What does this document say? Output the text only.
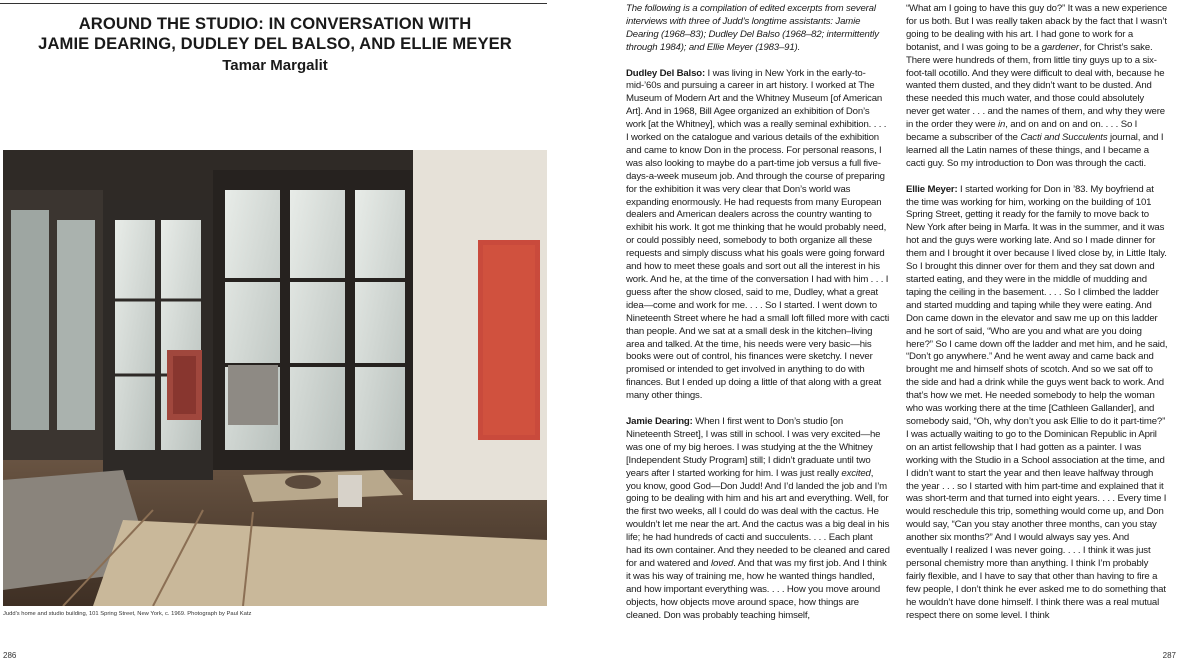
AROUND THE STUDIO: IN CONVERSATION WITH
JAMIE DEARING, DUDLEY DEL BALSO, AND ELLIE MEYER
Tamar Margalit
Judd’s home and studio building, 101 Spring Street, New York, c. 1969. Photograph by Paul Katz
286

The following is a compilation of edited excerpts from several interviews with three of Judd’s longtime assistants: Jamie Dearing (1968–83); Dudley Del Balso (1968–82; intermittently through 1984); and Ellie Meyer (1983–91).

Dudley Del Balso: I was living in New York in the early-to-mid-’60s and pursuing a career in art history. I worked at The Museum of Modern Art and the Whitney Museum [of American Art]. And in 1968, Bill Agee organized an exhibition of Don’s work [at the Whitney], which was a really seminal exhibition. . . . I worked on the catalogue and various details of the exhibition and came to know Don in the process. For personal reasons, I was also looking to maybe do a part-time job versus a full five-days-a-week museum job. And through the course of preparing for the exhibition it was very clear that Don’s world was expanding enormously. He had requests from many European dealers and American dealers across the country wanting to exhibit his work. It got me thinking that he would probably need, or could possibly need, somebody to both organize all these requests and simply discuss what his goals were going forward and how to meet these goals and sort out all the interest in his work. And he, at the time of the conversation I had with him . . . I guess after the show closed, said to me, Dudley, what a great idea—come and work for me. . . . So I started. I went down to Nineteenth Street where he had a small loft filled more with cacti than people. And we sat at a small desk in the kitchen–living area and talked. At the time, his needs were very basic—his books were out of control, his finances were sketchy. I never promised or intended to get involved in anything to do with finances. But I ended up doing a little of that along with a great many other things.

Jamie Dearing: When I first went to Don’s studio [on Nineteenth Street], I was still in school. I was very excited—he was one of my big heroes. I was studying at the the Whitney [Independent Study Program] still; I didn’t graduate until two years after I started working for him. I was just really excited, you know, good God—Don Judd! And I’d landed the job and I’m going to be dealing with him and his art and everything. Well, for the first two weeks, all I could do was deal with the cactus. He wouldn’t let me near the art. And the cactus was a big deal in his life; he had hundreds of cacti and succulents. . . . Each plant had its own container. And they needed to be cleaned and cared for and watered and loved. And that was my first job. And I think it was his way of training me, how he wanted things handled, and how important everything was. . . . How you move around objects, how objects move around space, how things are cleaned. Don was probably teaching himself,

“What am I going to have this guy do?” It was a new experience for us both. But I was really taken aback by the fact that I wasn’t going to be dealing with his art. I had gone to work for a botanist, and I was going to be a gardener, for Christ’s sake. There were hundreds of them, from little tiny guys up to a six-foot-tall ocotillo. And they were difficult to deal with, because he wanted them dusted, and they didn’t want to be dusted. And these needed this much water, and those could absolutely never get water . . . and the names of them, and why they were in the order they were in, and on and on and on. . . . So I became a subscriber of the Cacti and Succulents journal, and I learned all the Latin names of these things, and I became a cacti guy. So my introduction to Don was through the cacti.

Ellie Meyer: I started working for Don in ’83. My boyfriend at the time was working for him, working on the building of 101 Spring Street, getting it ready for the family to move back to New York after being in Marfa. It was in the summer, and it was hot and the guys were working late. And so I made dinner for them and I brought it over because I lived close by, in Little Italy. So I brought this dinner over for them and they sat down and started eating, and they were in the middle of mudding and taping the ceiling in the basement. . . . So I climbed the ladder and started mudding and taping while they were eating. And Don came down in the elevator and saw me up on this ladder and he sort of said, “Who are you and what are you doing here?” So I came down off the ladder and met him, and he said, “Don’t go anywhere.” And he went away and came back and brought me and himself shots of scotch. And so we sat off to the side and had a drink while the guys went back to work. And that’s how we met. He needed somebody to help the woman who was working there at the time [Cathleen Gallander], and somebody said, “Oh, why don’t you ask Ellie to do it part-time?” I was actually waiting to go to the Dominican Republic in April on an artist fellowship that I had gotten as a painter. I was working with the Studio in a School association at the time, and I didn’t want to start the year and then leave halfway through the year . . . so I started with him part-time and explained that it was short-term and that turned into eight years. . . . Every time I would reschedule this trip, something would come up, and Don would say, “Can you stay another three months, can you stay another six months?” And I would always say yes. And eventually I realized I was never going. . . . I think it was just personal chemistry more than anything. I think I’m probably fairly flexible, and I have to say that other than having to fire a few people, I don’t think he ever asked me to do something that he wouldn’t have done himself. I think there was a real mutual respect there on some level. I think

287
